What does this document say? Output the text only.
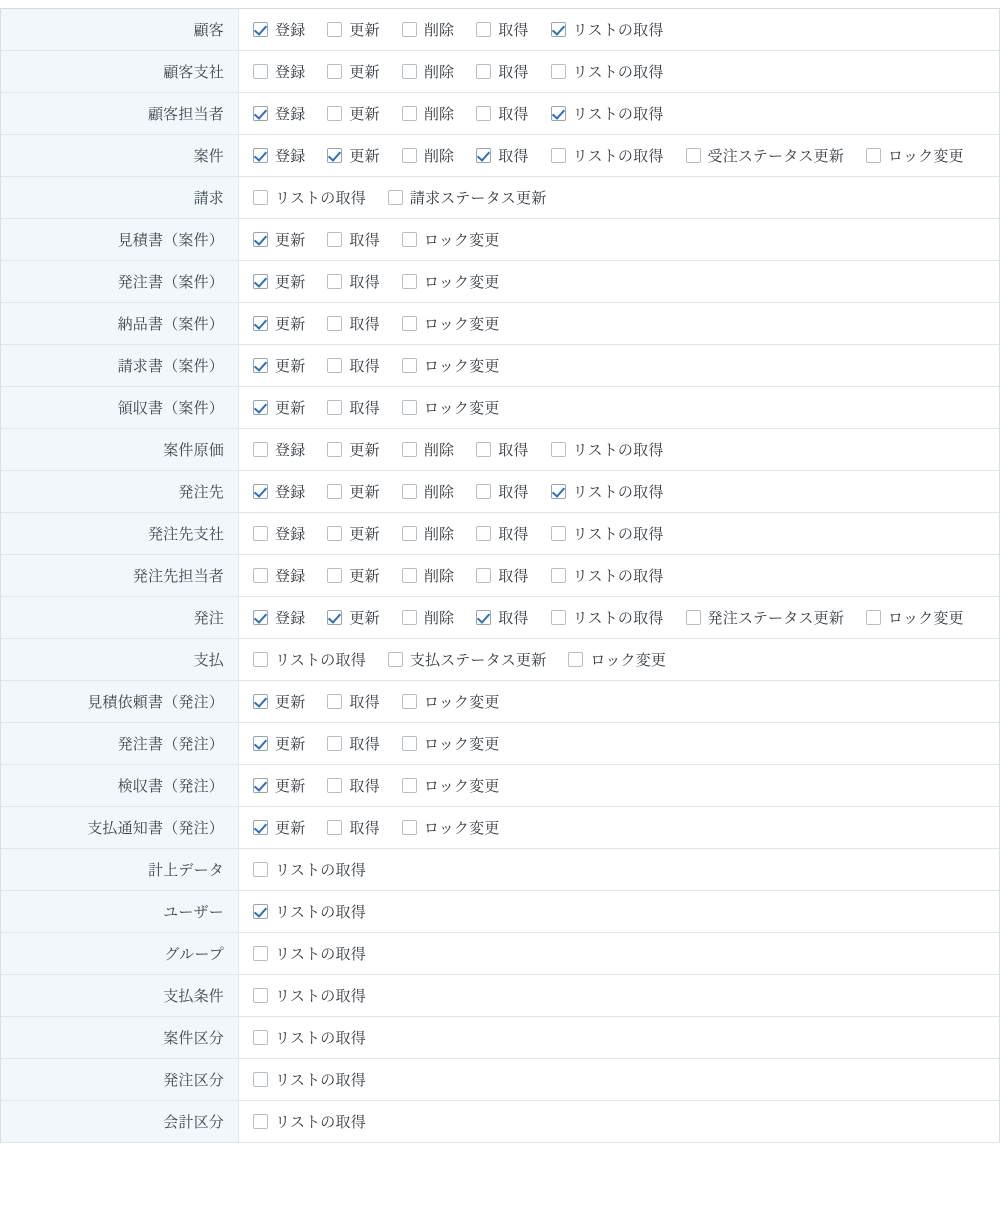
顧客	登録 更新 削除 取得 リストの取得

顧客支社	登録 更新 削除 取得 リストの取得

顧客担当者	登録 更新 削除 取得 リストの取得

案件	登録	更新	削除	取得	リストの取得	受注ステータス更新	ロック変更

請求	リストの取得 請求ステータス更新

見積書（案件）	更新 取得 ロック変更

発注書（案件）	更新 取得 ロック変更

納品書（案件）	更新 取得 ロック変更

請求書（案件）	更新 取得 ロック変更

領収書（案件）	更新 取得 ロック変更

案件原価	登録 更新 削除 取得 リストの取得

発注先	登録 更新 削除 取得 リストの取得

発注先支社	登録 更新 削除 取得 リストの取得

発注先担当者	登録 更新 削除 取得 リストの取得

発注	登録	更新	削除	取得	リストの取得	発注ステータス更新	ロック変更

支払	リストの取得 支払ステータス更新 ロック変更

見積依頼書（発注）	更新 取得 ロック変更

発注書（発注）	更新 取得 ロック変更

検収書（発注）	更新 取得 ロック変更

支払通知書（発注）	更新 取得 ロック変更

計上データ	リストの取得

ユーザー	リストの取得

グループ	リストの取得

支払条件	リストの取得

案件区分	リストの取得

発注区分	リストの取得

会計区分	リストの取得
